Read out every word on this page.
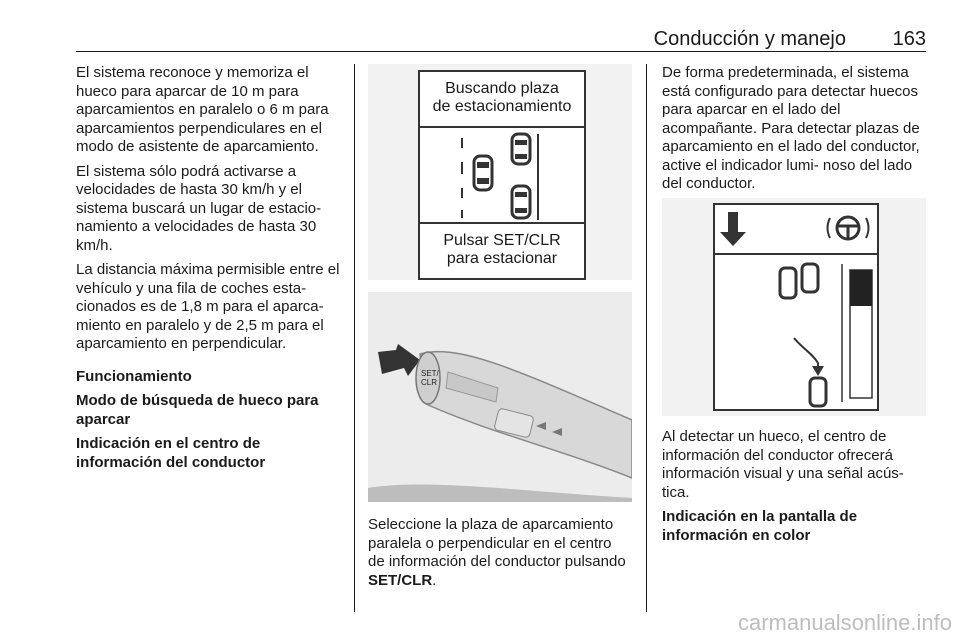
Conducción y manejo 163

El sistema reconoce y memoriza el hueco para aparcar de 10 m para aparcamientos en paralelo o 6 m para aparcamientos perpendiculares en el modo de asistente de aparcamiento.

El sistema sólo podrá activarse a velocidades de hasta 30 km/h y el sistema buscará un lugar de estacio- namiento a velocidades de hasta 30 km/h.

La distancia máxima permisible entre el vehículo y una fila de coches esta- cionados es de 1,8 m para el aparca- miento en paralelo y de 2,5 m para el aparcamiento en perpendicular.

Funcionamiento

Modo de búsqueda de hueco para aparcar

Indicación en el centro de información del conductor

Buscando plaza
de estacionamiento
Pulsar SET/CLR
para estacionar
SET/
CLR
Seleccione la plaza de aparcamiento paralela o perpendicular en el centro de información del conductor pulsando SET/CLR.

De forma predeterminada, el sistema está configurado para detectar huecos para aparcar en el lado del acompañante. Para detectar plazas de aparcamiento en el lado del conductor, active el indicador lumi- noso del lado del conductor.

Al detectar un hueco, el centro de información del conductor ofrecerá información visual y una señal acús- tica.

Indicación en la pantalla de información en color

carmanualsonline.info
